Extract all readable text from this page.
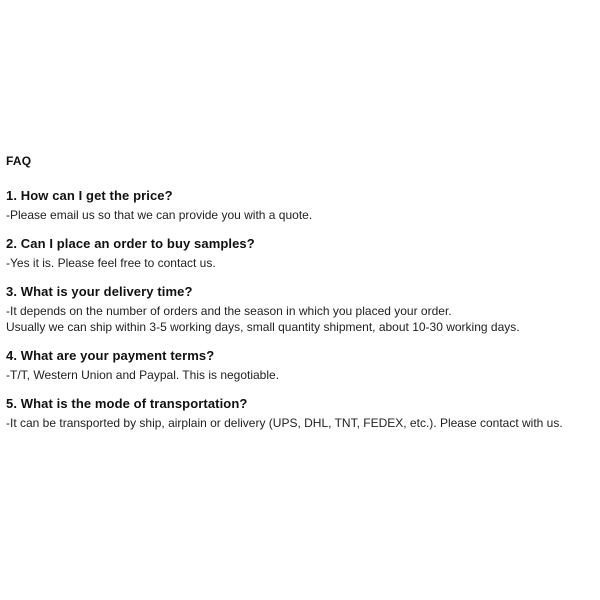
FAQ

1. How can I get the price?

-Please email us so that we can provide you with a quote.

2. Can I place an order to buy samples?

-Yes it is. Please feel free to contact us.

3. What is your delivery time?

-It depends on the number of orders and the season in which you placed your order.
Usually we can ship within 3-5 working days, small quantity shipment, about 10-30 working days.

4. What are your payment terms?

-T/T, Western Union and Paypal. This is negotiable.

5. What is the mode of transportation?

-It can be transported by ship, airplain or delivery (UPS, DHL, TNT, FEDEX, etc.). Please contact with us.
